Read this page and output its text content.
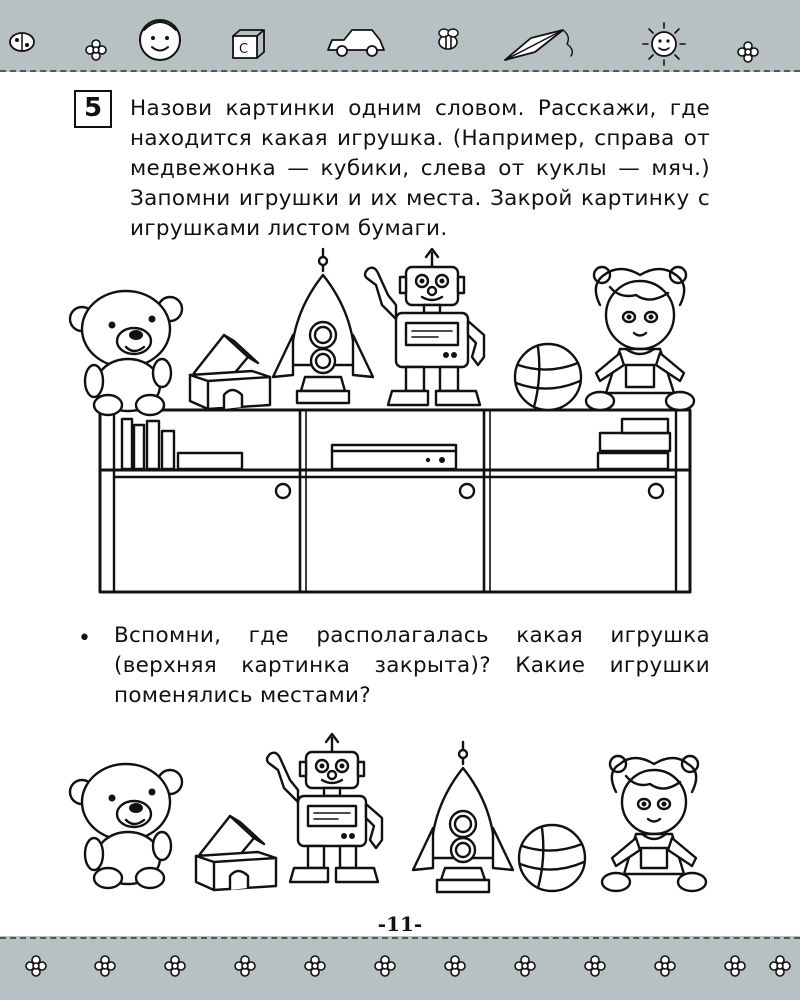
C
5	Назови картинки одним словом. Расскажи, где находится какая игрушка. (Например, справа от медвежонка — кубики, слева от куклы — мяч.) Запомни игрушки и их места. Закрой картинку с игрушками листом бумаги.
• Вспомни, где располагалась какая игрушка (верхняя картинка закрыта)? Какие игрушки поменялись местами?
-11-
